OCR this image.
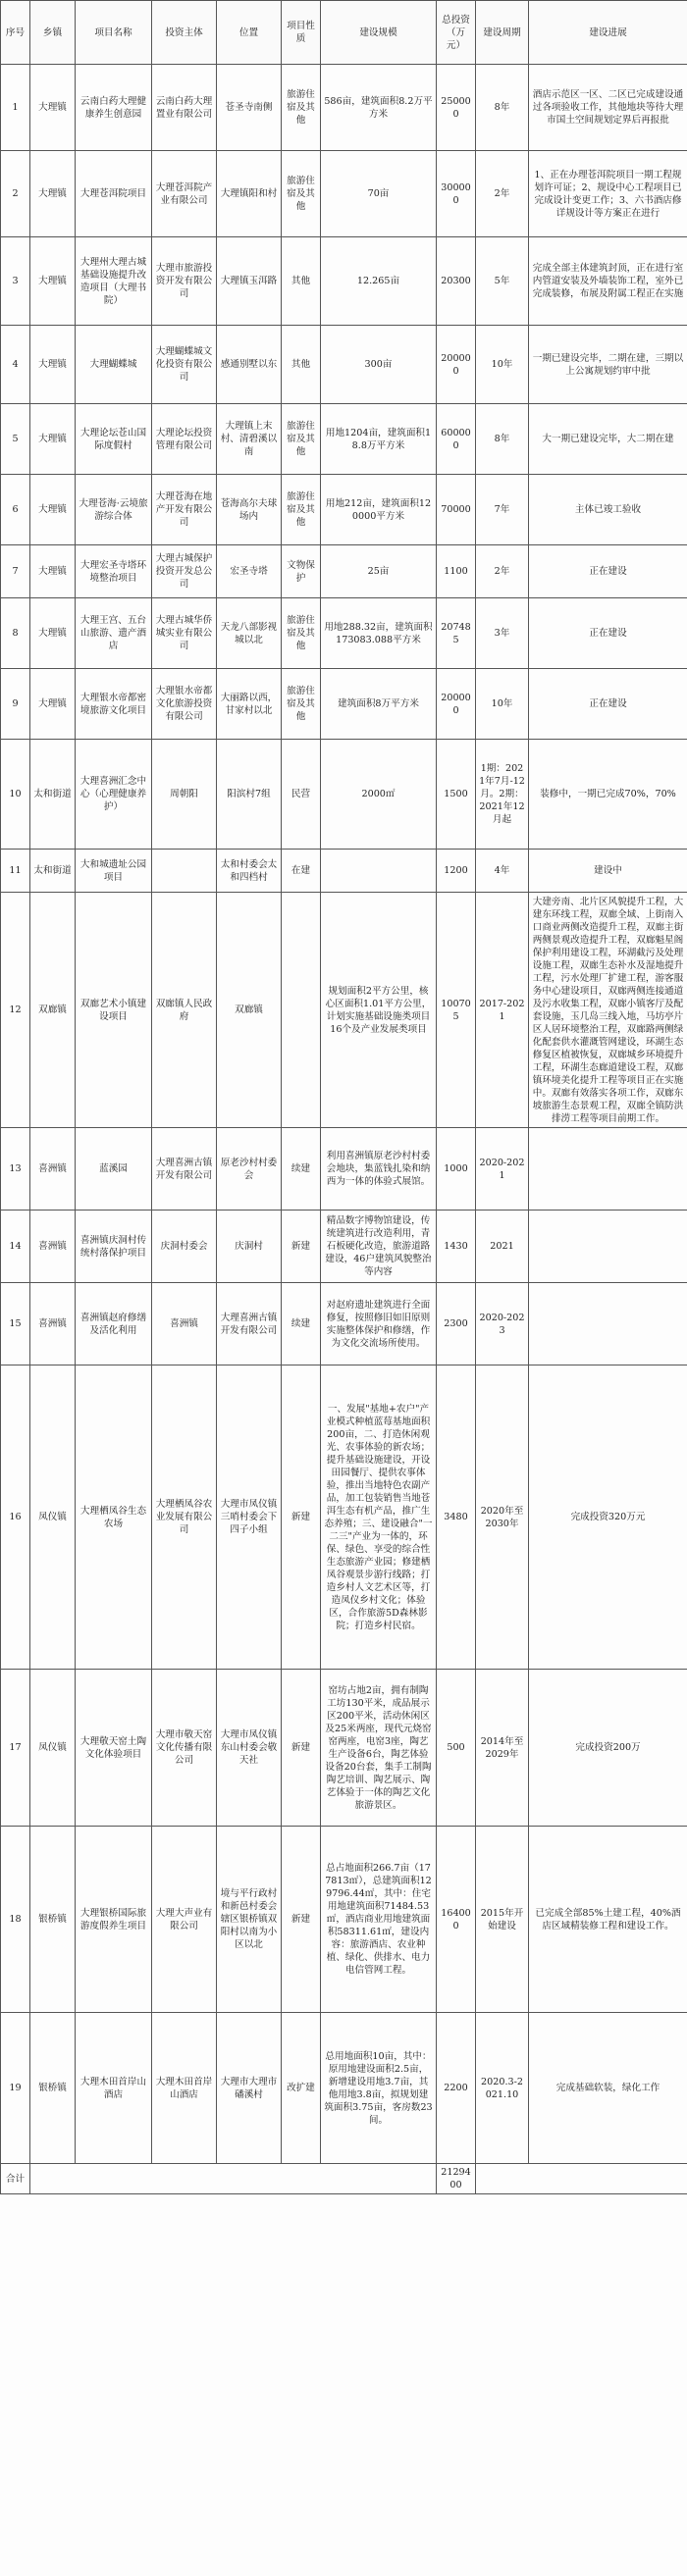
序号	乡镇	项目名称	投资主体	位置	项目性质	建设规模	总投资（万元）	建设周期	建设进展
1	大理镇	云南白药大理健康养生创意园	云南白药大理置业有限公司	苍圣寺南侧	旅游住宿及其他	586亩，建筑面积8.2万平方米	250000	8年	酒店示范区一区、二区已完成建设通过各项验收工作，其他地块等待大理市国土空间规划定界后再报批
2	大理镇	大理苍洱院项目	大理苍洱院产业有限公司	大理镇阳和村	旅游住宿及其他	70亩	300000	2年	1、正在办理苍洱院项目一期工程规划许可证；2、规设中心工程项目已完成设计变更工作；3、六书酒店修详规设计等方案正在进行
3	大理镇	大理州大理古城基础设施提升改造项目（大理书院）	大理市旅游投资开发有限公司	大理镇玉洱路	其他	12.265亩	20300	5年	完成全部主体建筑封顶，正在进行室内管道安装及外墙装饰工程，室外已完成装修，布展及附属工程正在实施
4	大理镇	大理蝴蝶城	大理蝴蝶城文化投资有限公司	感通别墅以东	其他	300亩	200000	10年	一期已建设完毕，二期在建，三期以上公寓规划约审中批
5	大理镇	大理论坛苍山国际度假村	大理论坛投资管理有限公司	大理镇上末村、清碧溪以南	旅游住宿及其他	用地1204亩，建筑面积18.8万平方米	600000	8年	大一期已建设完毕，大二期在建
6	大理镇	大理苍海·云境旅游综合体	大理苍海在地产开发有限公司	苍海高尔夫球场内	旅游住宿及其他	用地212亩，建筑面积120000平方米	70000	7年	主体已竣工验收
7	大理镇	大理宏圣寺塔环境整治项目	大理古城保护投资开发总公司	宏圣寺塔	文物保护	25亩	1100	2年	正在建设
8	大理镇	大理王宫、五台山旅游、遗产酒店	大理古城华侨城实业有限公司	天龙八部影视城以北	旅游住宿及其他	用地288.32亩，建筑面积173083.088平方米	207485	3年	正在建设
9	大理镇	大理银水帝都密境旅游文化项目	大理银水帝都文化旅游投资有限公司	大丽路以西，甘家村以北	旅游住宿及其他	建筑面积8万平方米	200000	10年	正在建设
10	太和街道	大理喜洲汇念中心（心理健康养护）	周朝阳	阳滨村7组	民营	2000㎡	1500	1期：2021年7月-12月。2期：2021年12月起	装修中，一期已完成70%，70%
11	太和街道	大和城遗址公园项目		太和村委会太和四档村	在建		1200	4年	建设中
12	双廊镇	双廊艺术小镇建设项目	双廊镇人民政府	双廊镇		规划面积2平方公里，核心区面积1.01平方公里，计划实施基础设施类项目16个及产业发展类项目	100705	2017-2021	大建旁南、北片区风貌提升工程，大建东环线工程，双廊全域、上街南入口商业两侧改造提升工程，双廊主街两侧景观改造提升工程，双廊魁星阁保护利用建设工程，环湖截污及处理设施工程，双廊生态补水及湿地提升工程，污水处理厂扩建工程，游客服务中心建设项目，双廊两侧连接通道及污水收集工程，双廊小镇客厅及配套设施，玉几岛三线入地，马坊亭片区人居环境整治工程，双廊路两侧绿化配套供水灌溉管网建设，环湖生态修复区植被恢复，双廊城乡环境提升工程，环湖生态廊道建设工程，双廊镇环境美化提升工程等项目正在实施中。双廊有效落实各项工作，双廊东坡旅游生态景观工程，双廊全镇防洪排涝工程等项目前期工作。
13	喜洲镇	蓝溪园	大理喜洲古镇开发有限公司	原老沙村村委会	续建	利用喜洲镇原老沙村村委会地块，集蓝钱扎染和纳西为一体的体验式展馆。	1000	2020-2021	
14	喜洲镇	喜洲镇庆洞村传统村落保护项目	庆洞村委会	庆洞村	新建	精品数字博物馆建设，传统建筑进行改造利用，青石板硬化改造，旅游道路建设，46户建筑风貌整治等内容	1430	2021	
15	喜洲镇	喜洲镇赵府修缮及活化利用	喜洲镇	大理喜洲古镇开发有限公司	续建	对赵府遗址建筑进行全面修复，按照修旧如旧原则实施整体保护和修缮，作为文化交流场所使用。	2300	2020-2023	
16	凤仪镇	大理栖凤谷生态农场	大理栖凤谷农业发展有限公司	大理市凤仪镇三哨村委会下四子小组	新建	一、发展"基地+农户"产业模式种植蓝莓基地面积200亩，二、打造休闲观光、农事体验的新农场；提升基础设施建设，开设田园餐厅、提供农事体验，推出当地特色农副产品，加工包装销售当地苍洱生态有机产品，推广生态养殖；三、建设融合"一二三"产业为一体的，环保、绿色、享受的综合性生态旅游产业园；修建栖凤谷观景步游行线路；打造乡村人文艺术区等，打造凤仪乡村文化；体验区，合作旅游5D森林影院；打造乡村民宿。	3480	2020年至2030年	完成投资320万元
17	凤仪镇	大理敬天窑土陶文化体验项目	大理市敬天窑文化传播有限公司	大理市凤仪镇东山村委会敬天社	新建	窑坊占地2亩，拥有制陶工坊130平米，成品展示区200平米，活动休闲区及25米两座，现代元烧窑窑两座，电窑3座，陶艺生产设备6台，陶艺体验设备20台套，集手工制陶陶艺培训、陶艺展示、陶艺体验于一体的陶艺文化旅游景区。	500	2014年至2029年	完成投资200万
18	银桥镇	大理银桥国际旅游度假养生项目	大理大声业有限公司	境与平行政村和新邑村委会辖区银桥镇双阳村以南为小区以北	新建	总占地面积266.7亩（177813㎡），总建筑面积129796.44㎡，其中：住宅用地建筑面积71484.53㎡，酒店商业用地建筑面积58311.61㎡，建设内容：旅游酒店、农业种植、绿化、供排水、电力电信管网工程。	164000	2015年开始建设	已完成全部85%土建工程，40%酒店区域精装修工程和建设工作。
19	银桥镇	大理木田首岸山酒店	大理木田首岸山酒店	大理市大理市磻溪村	改扩建	总用地面积10亩，其中：原用地建设面积2.5亩，新增建设用地3.7亩，其他用地3.8亩，拟规划建筑面积3.75亩，客房数23间。	2200	2020.3-2021.10	完成基础软装，绿化工作
合计							2129400		
